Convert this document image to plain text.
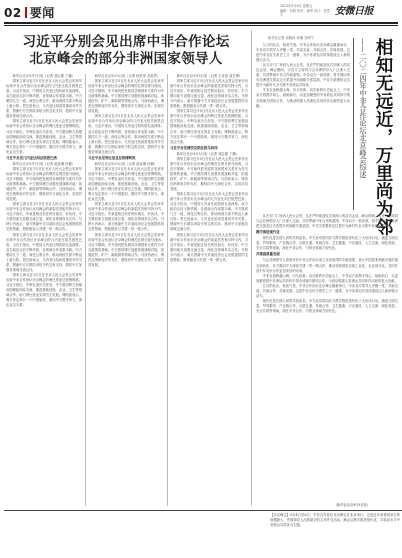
02 要闻	2024年9月6日 星期五
编辑：刘明 校对：谢青 设计：张思宇	安微日报
习近平分别会见出席中非合作论坛
北京峰会的部分非洲国家领导人

新华社北京9月5日电（记者 胡志强 丁鹏）

国家主席习近平5日在北京人民大会堂会见来华出席中非合作论坛北京峰会的几内亚比绍总统恩巴洛。习近平指出，中国同几内亚比绍传统友谊深厚。双方政治互信不断巩固，各领域合作成果丰硕。中方愿同几方一道，深化互利合作，推动两国关系不断迈上新台阶。恩巴洛表示，几内亚比绍高度重视对华关系，感谢中方长期以来给予的宝贵支持，愿同中方加强各领域交流合作。

国家主席习近平5日在北京人民大会堂会见来华出席中非合作论坛北京峰会的利比里亚总统博阿凯。习近平指出，中利友谊历久弥坚。中方愿同利方加强治国理政经验交流，推进基础设施、农业、卫生等领域合作，助力利比里亚实现自主发展。博阿凯表示，利方坚定奉行一个中国原则，愿同中方携手努力，深化双边关系。

习近平会见几内亚比绍总统恩巴洛

新华社北京9月5日电（记者 郝亚琳 孙楠）

国家主席习近平5日在北京人民大会堂会见来华出席中非合作论坛北京峰会的博茨瓦纳总统马西西。习近平强调，中方始终把发展同非洲国家关系作为外交政策的基础。中方愿同博方加强发展战略对接，拓展经贸、矿产、新能源等领域合作。马西西表示，博茨瓦纳珍视对华友好，期待同中方深化合作，实现共同发展。

国家主席习近平5日在北京人民大会堂会见来华出席中非合作论坛北京峰会的莱索托首相马特卡内。习近平指出，中莱是相互信任的好朋友、好伙伴。中方愿同莱方加强交流互鉴，深化各领域务实合作。马特卡内表示，莱方感谢中方对莱经济社会发展提供的宝贵帮助，愿积极参与共建一带一路合作。

国家主席习近平5日在北京人民大会堂会见来华出席中非合作论坛北京峰会的几内亚比绍总统恩巴洛。习近平指出，中国同几内亚比绍传统友谊深厚。双方政治互信不断巩固，各领域合作成果丰硕。中方愿同几方一道，深化互利合作，推动两国关系不断迈上新台阶。恩巴洛表示，几内亚比绍高度重视对华关系，感谢中方长期以来给予的宝贵支持，愿同中方加强各领域交流合作。

国家主席习近平5日在北京人民大会堂会见来华出席中非合作论坛北京峰会的利比里亚总统博阿凯。习近平指出，中利友谊历久弥坚。中方愿同利方加强治国理政经验交流，推进基础设施、农业、卫生等领域合作，助力利比里亚实现自主发展。博阿凯表示，利方坚定奉行一个中国原则，愿同中方携手努力，深化双边关系。

新华社北京9月5日电（记者 杨依军 冯歆然）

国家主席习近平5日在北京人民大会堂会见来华出席中非合作论坛北京峰会的博茨瓦纳总统马西西。习近平强调，中方始终把发展同非洲国家关系作为外交政策的基础。中方愿同博方加强发展战略对接，拓展经贸、矿产、新能源等领域合作。马西西表示，博茨瓦纳珍视对华友好，期待同中方深化合作，实现共同发展。

国家主席习近平5日在北京人民大会堂会见来华出席中非合作论坛北京峰会的几内亚比绍总统恩巴洛。习近平指出，中国同几内亚比绍传统友谊深厚。双方政治互信不断巩固，各领域合作成果丰硕。中方愿同几方一道，深化互利合作，推动两国关系不断迈上新台阶。恩巴洛表示，几内亚比绍高度重视对华关系，感谢中方长期以来给予的宝贵支持，愿同中方加强各领域交流合作。

习近平会见利比里亚总统博阿凯

新华社北京9月5日电（记者 郝亚琳 孙楠）

国家主席习近平5日在北京人民大会堂会见来华出席中非合作论坛北京峰会的利比里亚总统博阿凯。习近平指出，中利友谊历久弥坚。中方愿同利方加强治国理政经验交流，推进基础设施、农业、卫生等领域合作，助力利比里亚实现自主发展。博阿凯表示，利方坚定奉行一个中国原则，愿同中方携手努力，深化双边关系。

国家主席习近平5日在北京人民大会堂会见来华出席中非合作论坛北京峰会的莱索托首相马特卡内。习近平指出，中莱是相互信任的好朋友、好伙伴。中方愿同莱方加强交流互鉴，深化各领域务实合作。马特卡内表示，莱方感谢中方对莱经济社会发展提供的宝贵帮助，愿积极参与共建一带一路合作。

国家主席习近平5日在北京人民大会堂会见来华出席中非合作论坛北京峰会的博茨瓦纳总统马西西。习近平强调，中方始终把发展同非洲国家关系作为外交政策的基础。中方愿同博方加强发展战略对接，拓展经贸、矿产、新能源等领域合作。马西西表示，博茨瓦纳珍视对华友好，期待同中方深化合作，实现共同发展。

新华社北京9月5日电（记者 王卓伦 邵艺博）

国家主席习近平5日在北京人民大会堂会见来华出席中非合作论坛北京峰会的莱索托首相马特卡内。习近平指出，中莱是相互信任的好朋友、好伙伴。中方愿同莱方加强交流互鉴，深化各领域务实合作。马特卡内表示，莱方感谢中方对莱经济社会发展提供的宝贵帮助，愿积极参与共建一带一路合作。

国家主席习近平5日在北京人民大会堂会见来华出席中非合作论坛北京峰会的利比里亚总统博阿凯。习近平指出，中利友谊历久弥坚。中方愿同利方加强治国理政经验交流，推进基础设施、农业、卫生等领域合作，助力利比里亚实现自主发展。博阿凯表示，利方坚定奉行一个中国原则，愿同中方携手努力，深化双边关系。

习近平会见博茨瓦纳总统马西西

新华社北京9月5日电（记者 胡志强 丁鹏）

国家主席习近平5日在北京人民大会堂会见来华出席中非合作论坛北京峰会的博茨瓦纳总统马西西。习近平强调，中方始终把发展同非洲国家关系作为外交政策的基础。中方愿同博方加强发展战略对接，拓展经贸、矿产、新能源等领域合作。马西西表示，博茨瓦纳珍视对华友好，期待同中方深化合作，实现共同发展。

国家主席习近平5日在北京人民大会堂会见来华出席中非合作论坛北京峰会的几内亚比绍总统恩巴洛。习近平指出，中国同几内亚比绍传统友谊深厚。双方政治互信不断巩固，各领域合作成果丰硕。中方愿同几方一道，深化互利合作，推动两国关系不断迈上新台阶。恩巴洛表示，几内亚比绍高度重视对华关系，感谢中方长期以来给予的宝贵支持，愿同中方加强各领域交流合作。

国家主席习近平5日在北京人民大会堂会见来华出席中非合作论坛北京峰会的莱索托首相马特卡内。习近平指出，中莱是相互信任的好朋友、好伙伴。中方愿同莱方加强交流互鉴，深化各领域务实合作。马特卡内表示，莱方感谢中方对莱经济社会发展提供的宝贵帮助，愿积极参与共建一带一路合作。

新华社记者 周晓冉 孙楠 刘玥宁

九月的北京，秋高气爽。中非合作论坛北京峰会隆重举行，中非双方领导人齐聚一堂，共叙友谊、共商合作、共谋发展。这是中非友好关系史上又一盛事，为中非命运共同体建设注入新的强大动力。

从天安门广场到人民大会堂，从庄严的欢迎仪式到深入的双边会谈，峰会期间，习近平主席同与会非洲领导人广泛深入交流，共同擘画中非合作新蓝图。中非双方一致同意，将中国同所有非洲建交国双边关系提升到战略关系层面，中非关系整体定位提升为新时代全天候中非命运共同体。

中非友谊跨越山海，历久弥新。站在新的历史起点上，中非双方将携手同心、砥砺前行，以更加紧密的中非命运共同体引领全球南方团结合作，为推动构建人类命运共同体作出新的更大贡献。	相知无远近，万里尚为邻
——二〇二四年中非合作论坛北京峰会综述

从天安门广场到人民大会堂，从庄严的欢迎仪式到深入的双边会谈，峰会期间，习近平主席同与会非洲领导人广泛深入交流，共同擘画中非合作新蓝图。中非双方一致同意，将中国同所有非洲建交国双边关系提升到战略关系层面，中非关系整体定位提升为新时代全天候中非命运共同体。

携手推进现代化

现代化是各国人民的共同追求。中方宣布将同非方携手推进现代化十大伙伴行动，涵盖文明互鉴、贸易繁荣、产业链合作、互联互通、发展合作、卫生健康、兴农惠民、人文交流、绿色发展、安全共筑等领域，深化中非合作，引领全球南方现代化。

共谋高质量发展

与会非洲领导人高度评价中非合作论坛成立以来取得的丰硕成果，表示中国是非洲最可靠的朋友和伙伴，非方愿同中方深化共建一带一路合作，推动非洲国家实现工业化、农业现代化，共同开创中非友好合作更加美好的未来。

中非友谊跨越山海，历久弥新。站在新的历史起点上，中非双方将携手同心、砥砺前行，以更加紧密的中非命运共同体引领全球南方团结合作，为推动构建人类命运共同体作出新的更大贡献。

九月的北京，秋高气爽。中非合作论坛北京峰会隆重举行，中非双方领导人齐聚一堂，共叙友谊、共商合作、共谋发展。这是中非友好关系史上又一盛事，为中非命运共同体建设注入新的强大动力。

现代化是各国人民的共同追求。中方宣布将同非方携手推进现代化十大伙伴行动，涵盖文明互鉴、贸易繁荣、产业链合作、互联互通、发展合作、卫生健康、兴农惠民、人文交流、绿色发展、安全共筑等领域，深化中非合作，引领全球南方现代化。

（新华社北京9月5日电）

【北京峰会】9月4日至6日，中非合作论坛北京峰会在北京举行。这是近年来我国举办的规模最大、外国领导人出席最多的主场外交活动。峰会以携手推进现代化，共筑高水平中非命运共同体为主题。
